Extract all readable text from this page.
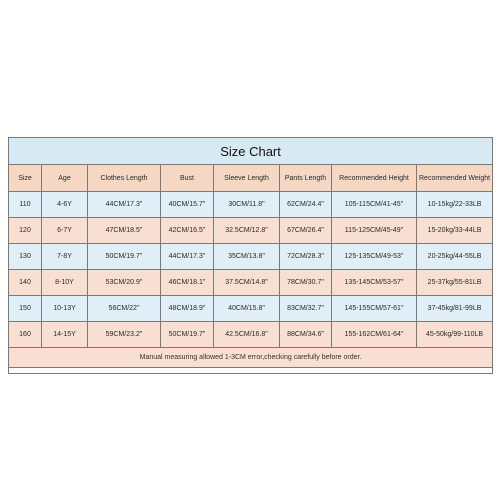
Size Chart							
Size	Age	Clothes Length	Bust	Sleeve Length	Pants Length	Recommended Height	Recommended Weight
110	4-6Y	44CM/17.3"	40CM/15.7"	30CM/11.8"	62CM/24.4"	105-115CM/41-45"	10-15kg/22-33LB
120	6-7Y	47CM/18.5"	42CM/16.5"	32.5CM/12.8"	67CM/26.4"	115-125CM/45-49"	15-20kg/33-44LB
130	7-8Y	50CM/19.7"	44CM/17.3"	35CM/13.8"	72CM/28.3"	125-135CM/49-53"	20-25kg/44-55LB
140	8-10Y	53CM/20.9"	46CM/18.1"	37.5CM/14.8"	78CM/30.7"	135-145CM/53-57"	25-37kg/55-81LB
150	10-13Y	56CM/22"	48CM/18.9"	40CM/15.8"	83CM/32.7"	145-155CM/57-61"	37-45kg/81-99LB
160	14-15Y	59CM/23.2"	50CM/19.7"	42.5CM/16.8"	88CM/34.6"	155-162CM/61-64"	45-50kg/99-110LB
Manual measuring allowed 1-3CM error,checking carefully before order.							
